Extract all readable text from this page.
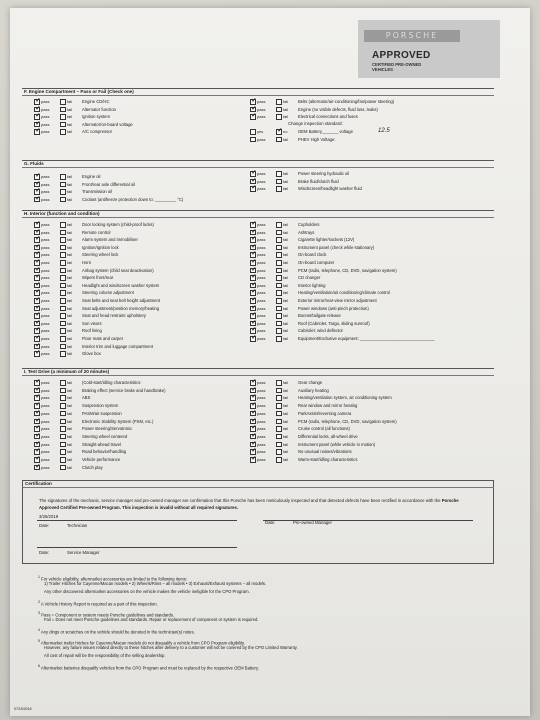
PORSCHE
APPROVED
CERTIFIED PRE-OWNED
VEHICLES
F. Engine Compartment – Pass or Fail (Check one)
✓ pass	fail Engine CD/HC
✓ pass	fail Alternator function
✓ pass	fail Ignition system
✓ pass	fail Alternator/on-board voltage
✓ pass	fail A/C compressor
✓ pass	fail Belts (alternator/air-conditioning/fan/power steering)
✓ pass	fail Engine (no visible defects, fluid loss, leaks)
✓ pass	fail Electrical connections and fuses
Change inspection standard:
yes ✓ no	OEM Battery_______ voltage	12.5
pass	fail PHEV High Voltage:
G. Fluids
✓ pass	fail Engine oil
✓ pass	fail Front/rear axle differential oil
✓ pass	fail Transmission oil
✓ pass	fail Coolant (antifreeze protection down to: _________ °C)
✓ pass	fail Power steering hydraulic oil
✓ pass	fail Brake fluid/clutch fluid
✓ pass	fail Windscreen/headlight washer fluid
H. Interior (function and condition)
✓ pass	fail Door locking system (child-proof locks)
✓ pass	fail Remote control
✓ pass	fail Alarm system and immobiliser
✓ pass	fail Ignition/Ignition lock
✓ pass	fail Steering wheel lock
✓ pass	fail Horn
✓ pass	fail Airbag system (child seat deactivation)
✓ pass	fail Wipers front/rear
✓ pass	fail Headlight and windscreen washer system
✓ pass	fail Steering column adjustment
✓ pass	fail Seat belts and seat belt height adjustment
✓ pass	fail Seat adjustment/position memory/heating
✓ pass	fail Seat and head restraint upholstery
✓ pass	fail Sun visors
✓ pass	fail Roof lining
✓ pass	fail Floor mats and carpet
✓ pass	fail Interior trim and luggage compartment
✓ pass	fail Glove box
✓ pass	fail Cupholders
✓ pass	fail Ashtrays
✓ pass	fail Cigarette lighter/sockets (12V)
✓ pass	fail Instrument panel (check while stationary)
✓ pass	fail On-board clock
✓ pass	fail On-board computer
✓ pass	fail PCM (radio, telephone, CD, DVD, navigation system)
✓ pass	fail CD changer
✓ pass	fail Interior lighting
✓ pass	fail Heating/ventilation/air conditioning/climate control
✓ pass	fail Exterior mirror/rear-view mirror adjustment
✓ pass	fail Power windows (anti-pinch protection)
✓ pass	fail Bonnet/tailgate release
✓ pass	fail Roof (Cabriolet, Targa, sliding sunroof)
✓ pass	fail Cabriolet: wind deflector
✓ pass	fail Equipment/Exclusive equipment: ________________________________
I. Test Drive (a minimum of 20 minutes)
✓ pass	fail (Cold-start/idling characteristics
✓ pass	fail Braking effect (service brake and handbrake)
✓ pass	fail ABS
✓ pass	fail Suspension system
✓ pass	fail PASM/air suspension
✓ pass	fail Electronic Stability System (PSM, etc.)
✓ pass	fail Power steering/Servotronic
✓ pass	fail Steering wheel centered
✓ pass	fail Straight-ahead travel
✓ pass	fail Road behavior/handling
✓ pass	fail Vehicle performance
✓ pass	fail Clutch play
✓ pass	fail Gear change
✓ pass	fail Auxiliary heating
✓ pass	fail Heating/ventilation system, air conditioning system
✓ pass	fail Rear window and mirror heating
✓ pass	fail ParkAssist/reversing camera
✓ pass	fail PCM (radio, telephone, CD, DVD, navigation system)
✓ pass	fail Cruise control (all functions)
✓ pass	fail Differential locks, all-wheel drive
✓ pass	fail Instrument panel (while vehicle in motion)
✓ pass	fail No unusual noises/vibrations
✓ pass	fail Warm-start/idling characteristics
Certification
The signatures of the mechanic, service manager and pre-owned manager are confirmation that this Porsche has been meticulously inspected and that detected defects have been rectified in accordance with the Porsche Approved Certified Pre-owned Program. This inspection is invalid without all required signatures.
3/26/2019
Date:	Technician
Date:	Pre-owned Manager
Date:	Service Manager
$^1$ For vehicle eligibility, aftermarket accessories are limited to the following items:
1) Trailer Hitches for Cayenne/Macan models • 2) Wheels/Rims – all models • 3) Exhaust/Exhaust systems – all models.
Any other discovered aftermarket accessories on the vehicle makes the vehicle ineligible for the CPO Program.
$^2$ A Vehicle History Report is required as a part of this inspection.
$^3$ Pass = Component or system meets Porsche guidelines and standards.
Fail = Does not meet Porsche guidelines and standards. Repair or replacement of component or system is required.
$^4$ Any dings or scratches on the vehicle should be denoted in the technician(s) notes.
$^5$ Aftermarket trailer hitches for Cayenne/Macan models do not disqualify a vehicle from CPO Program eligibility.
However, any failure issues related directly to these hitches after delivery to a customer will not be covered by the CPO Limited Warranty.
All cost of repair will be the responsibility of the selling dealership.
$^6$ Aftermarket batteries disqualify vehicles from the CPO Program and must be replaced by the respective OEM Battery.
07/15/2016
